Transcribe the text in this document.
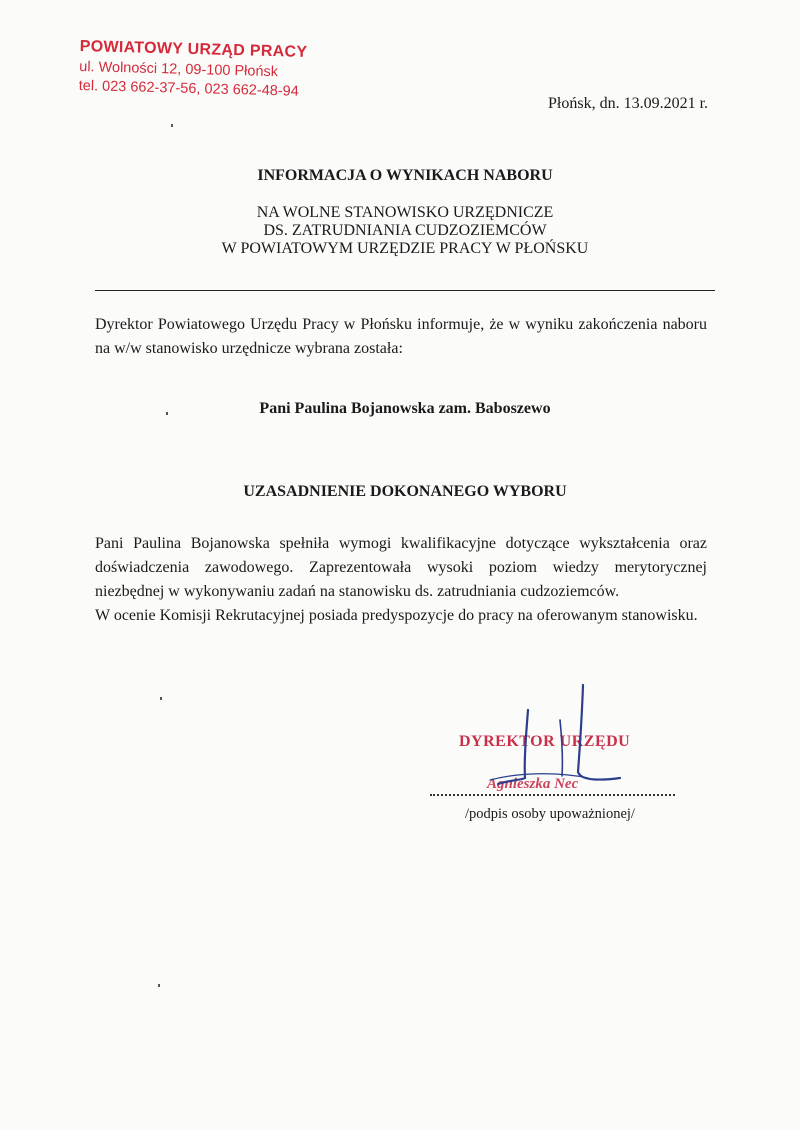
POWIATOWY URZĄD PRACY
ul. Wolności 12, 09-100 Płońsk
tel. 023 662-37-56, 023 662-48-94
Płońsk, dn. 13.09.2021 r.
INFORMACJA O WYNIKACH NABORU
NA WOLNE STANOWISKO URZĘDNICZE
DS. ZATRUDNIANIA CUDZOZIEMCÓW
W POWIATOWYM URZĘDZIE PRACY W PŁOŃSKU
Dyrektor Powiatowego Urzędu Pracy w Płońsku informuje, że w wyniku zakończenia naboru na w/w stanowisko urzędnicze wybrana została:
Pani Paulina Bojanowska zam. Baboszewo
UZASADNIENIE DOKONANEGO WYBORU
Pani Paulina Bojanowska spełniła wymogi kwalifikacyjne dotyczące wykształcenia oraz doświadczenia zawodowego. Zaprezentowała wysoki poziom wiedzy merytorycznej niezbędnej w wykonywaniu zadań na stanowisku ds. zatrudniania cudzoziemców.
W ocenie Komisji Rekrutacyjnej posiada predyspozycje do pracy na oferowanym stanowisku.
DYREKTOR URZĘDU
Agnieszka Nec
/podpis osoby upoważnionej/
